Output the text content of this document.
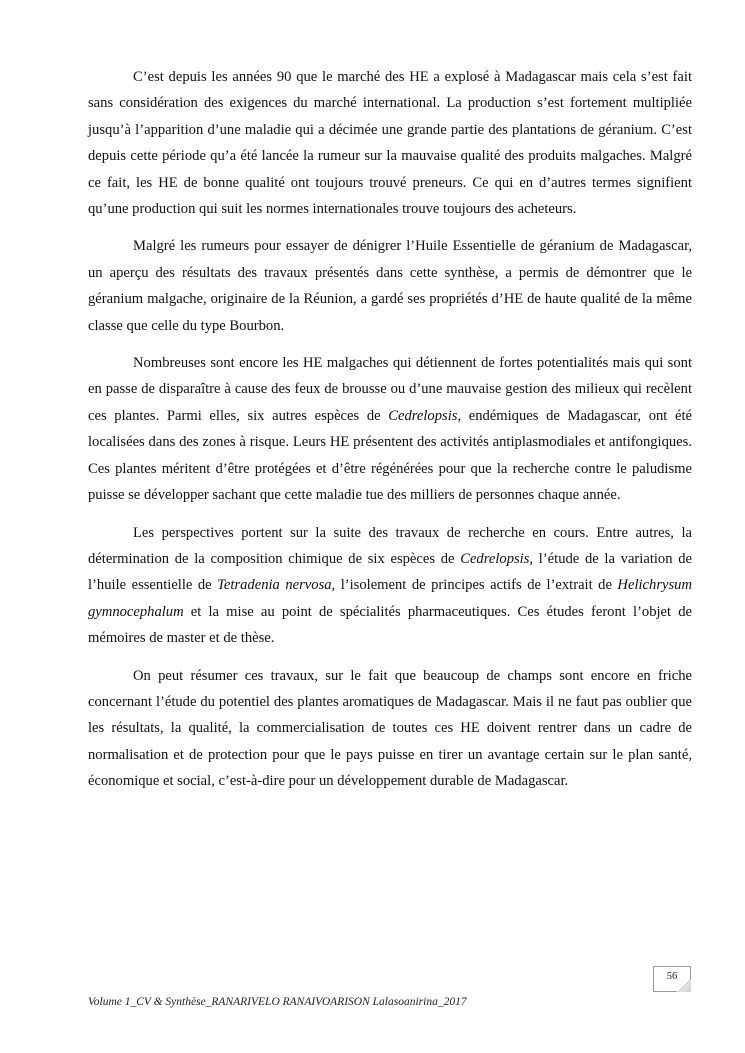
C’est depuis les années 90 que le marché des HE a explosé à Madagascar mais cela s’est fait sans considération des exigences du marché international. La production s’est fortement multipliée jusqu’à l’apparition d’une maladie qui a décimée une grande partie des plantations de géranium. C’est depuis cette période qu’a été lancée la rumeur sur la mauvaise qualité des produits malgaches. Malgré ce fait, les HE de bonne qualité ont toujours trouvé preneurs. Ce qui en d’autres termes signifient qu’une production qui suit les normes internationales trouve toujours des acheteurs.

Malgré les rumeurs pour essayer de dénigrer l’Huile Essentielle de géranium de Madagascar, un aperçu des résultats des travaux présentés dans cette synthèse, a permis de démontrer que le géranium malgache, originaire de la Réunion, a gardé ses propriétés d’HE de haute qualité de la même classe que celle du type Bourbon.

Nombreuses sont encore les HE malgaches qui détiennent de fortes potentialités mais qui sont en passe de disparaître à cause des feux de brousse ou d’une mauvaise gestion des milieux qui recèlent ces plantes. Parmi elles, six autres espèces de Cedrelopsis, endémiques de Madagascar, ont été localisées dans des zones à risque. Leurs HE présentent des activités antiplasmodiales et antifongiques. Ces plantes méritent d’être protégées et d’être régénérées pour que la recherche contre le paludisme puisse se développer sachant que cette maladie tue des milliers de personnes chaque année.

Les perspectives portent sur la suite des travaux de recherche en cours. Entre autres, la détermination de la composition chimique de six espèces de Cedrelopsis, l’étude de la variation de l’huile essentielle de Tetradenia nervosa, l’isolement de principes actifs de l’extrait de Helichrysum gymnocephalum et la mise au point de spécialités pharmaceutiques. Ces études feront l’objet de mémoires de master et de thèse.

On peut résumer ces travaux, sur le fait que beaucoup de champs sont encore en friche concernant l’étude du potentiel des plantes aromatiques de Madagascar. Mais il ne faut pas oublier que les résultats, la qualité, la commercialisation de toutes ces HE doivent rentrer dans un cadre de normalisation et de protection pour que le pays puisse en tirer un avantage certain sur le plan santé, économique et social, c’est-à-dire pour un développement durable de Madagascar.

56
Volume 1_CV & Synthèse_RANARIVELO RANAIVOARISON Lalasoanirina_2017
